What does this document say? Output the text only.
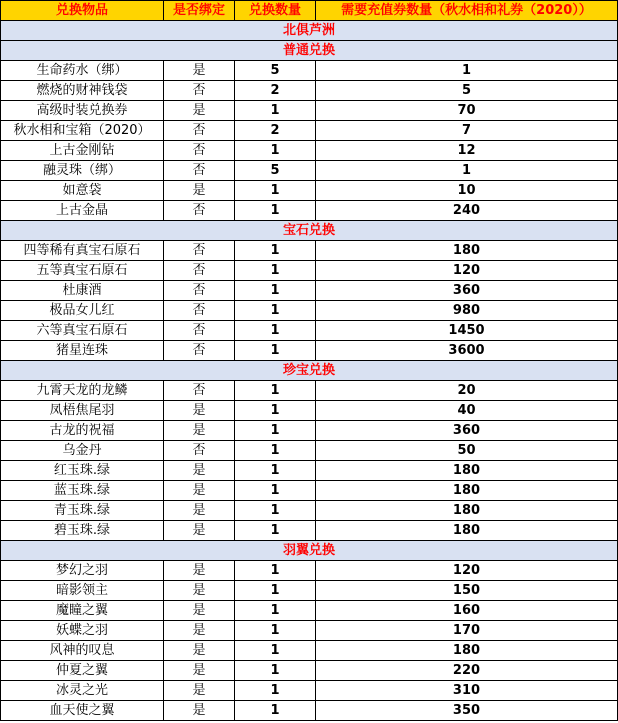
兑换物品	是否绑定	兑换数量	需要充值券数量（秋水相和礼券（2020））
北俱芦洲			
普通兑换			
生命药水（绑）	是	5	1
燃烧的财神钱袋	否	2	5
高级时装兑换券	是	1	70
秋水相和宝箱（2020）	否	2	7
上古金刚钻	否	1	12
融灵珠（绑）	否	5	1
如意袋	是	1	10
上古金晶	否	1	240
宝石兑换			
四等稀有真宝石原石	否	1	180
五等真宝石原石	否	1	120
杜康酒	否	1	360
极品女儿红	否	1	980
六等真宝石原石	否	1	1450
猪星连珠	否	1	3600
珍宝兑换			
九霄天龙的龙鳞	否	1	20
凤梧焦尾羽	是	1	40
古龙的祝福	是	1	360
乌金丹	否	1	50
红玉珠.绿	是	1	180
蓝玉珠.绿	是	1	180
青玉珠.绿	是	1	180
碧玉珠.绿	是	1	180
羽翼兑换			
梦幻之羽	是	1	120
暗影领主	是	1	150
魔瞳之翼	是	1	160
妖蝶之羽	是	1	170
风神的叹息	是	1	180
仲夏之翼	是	1	220
冰灵之光	是	1	310
血天使之翼	是	1	350
